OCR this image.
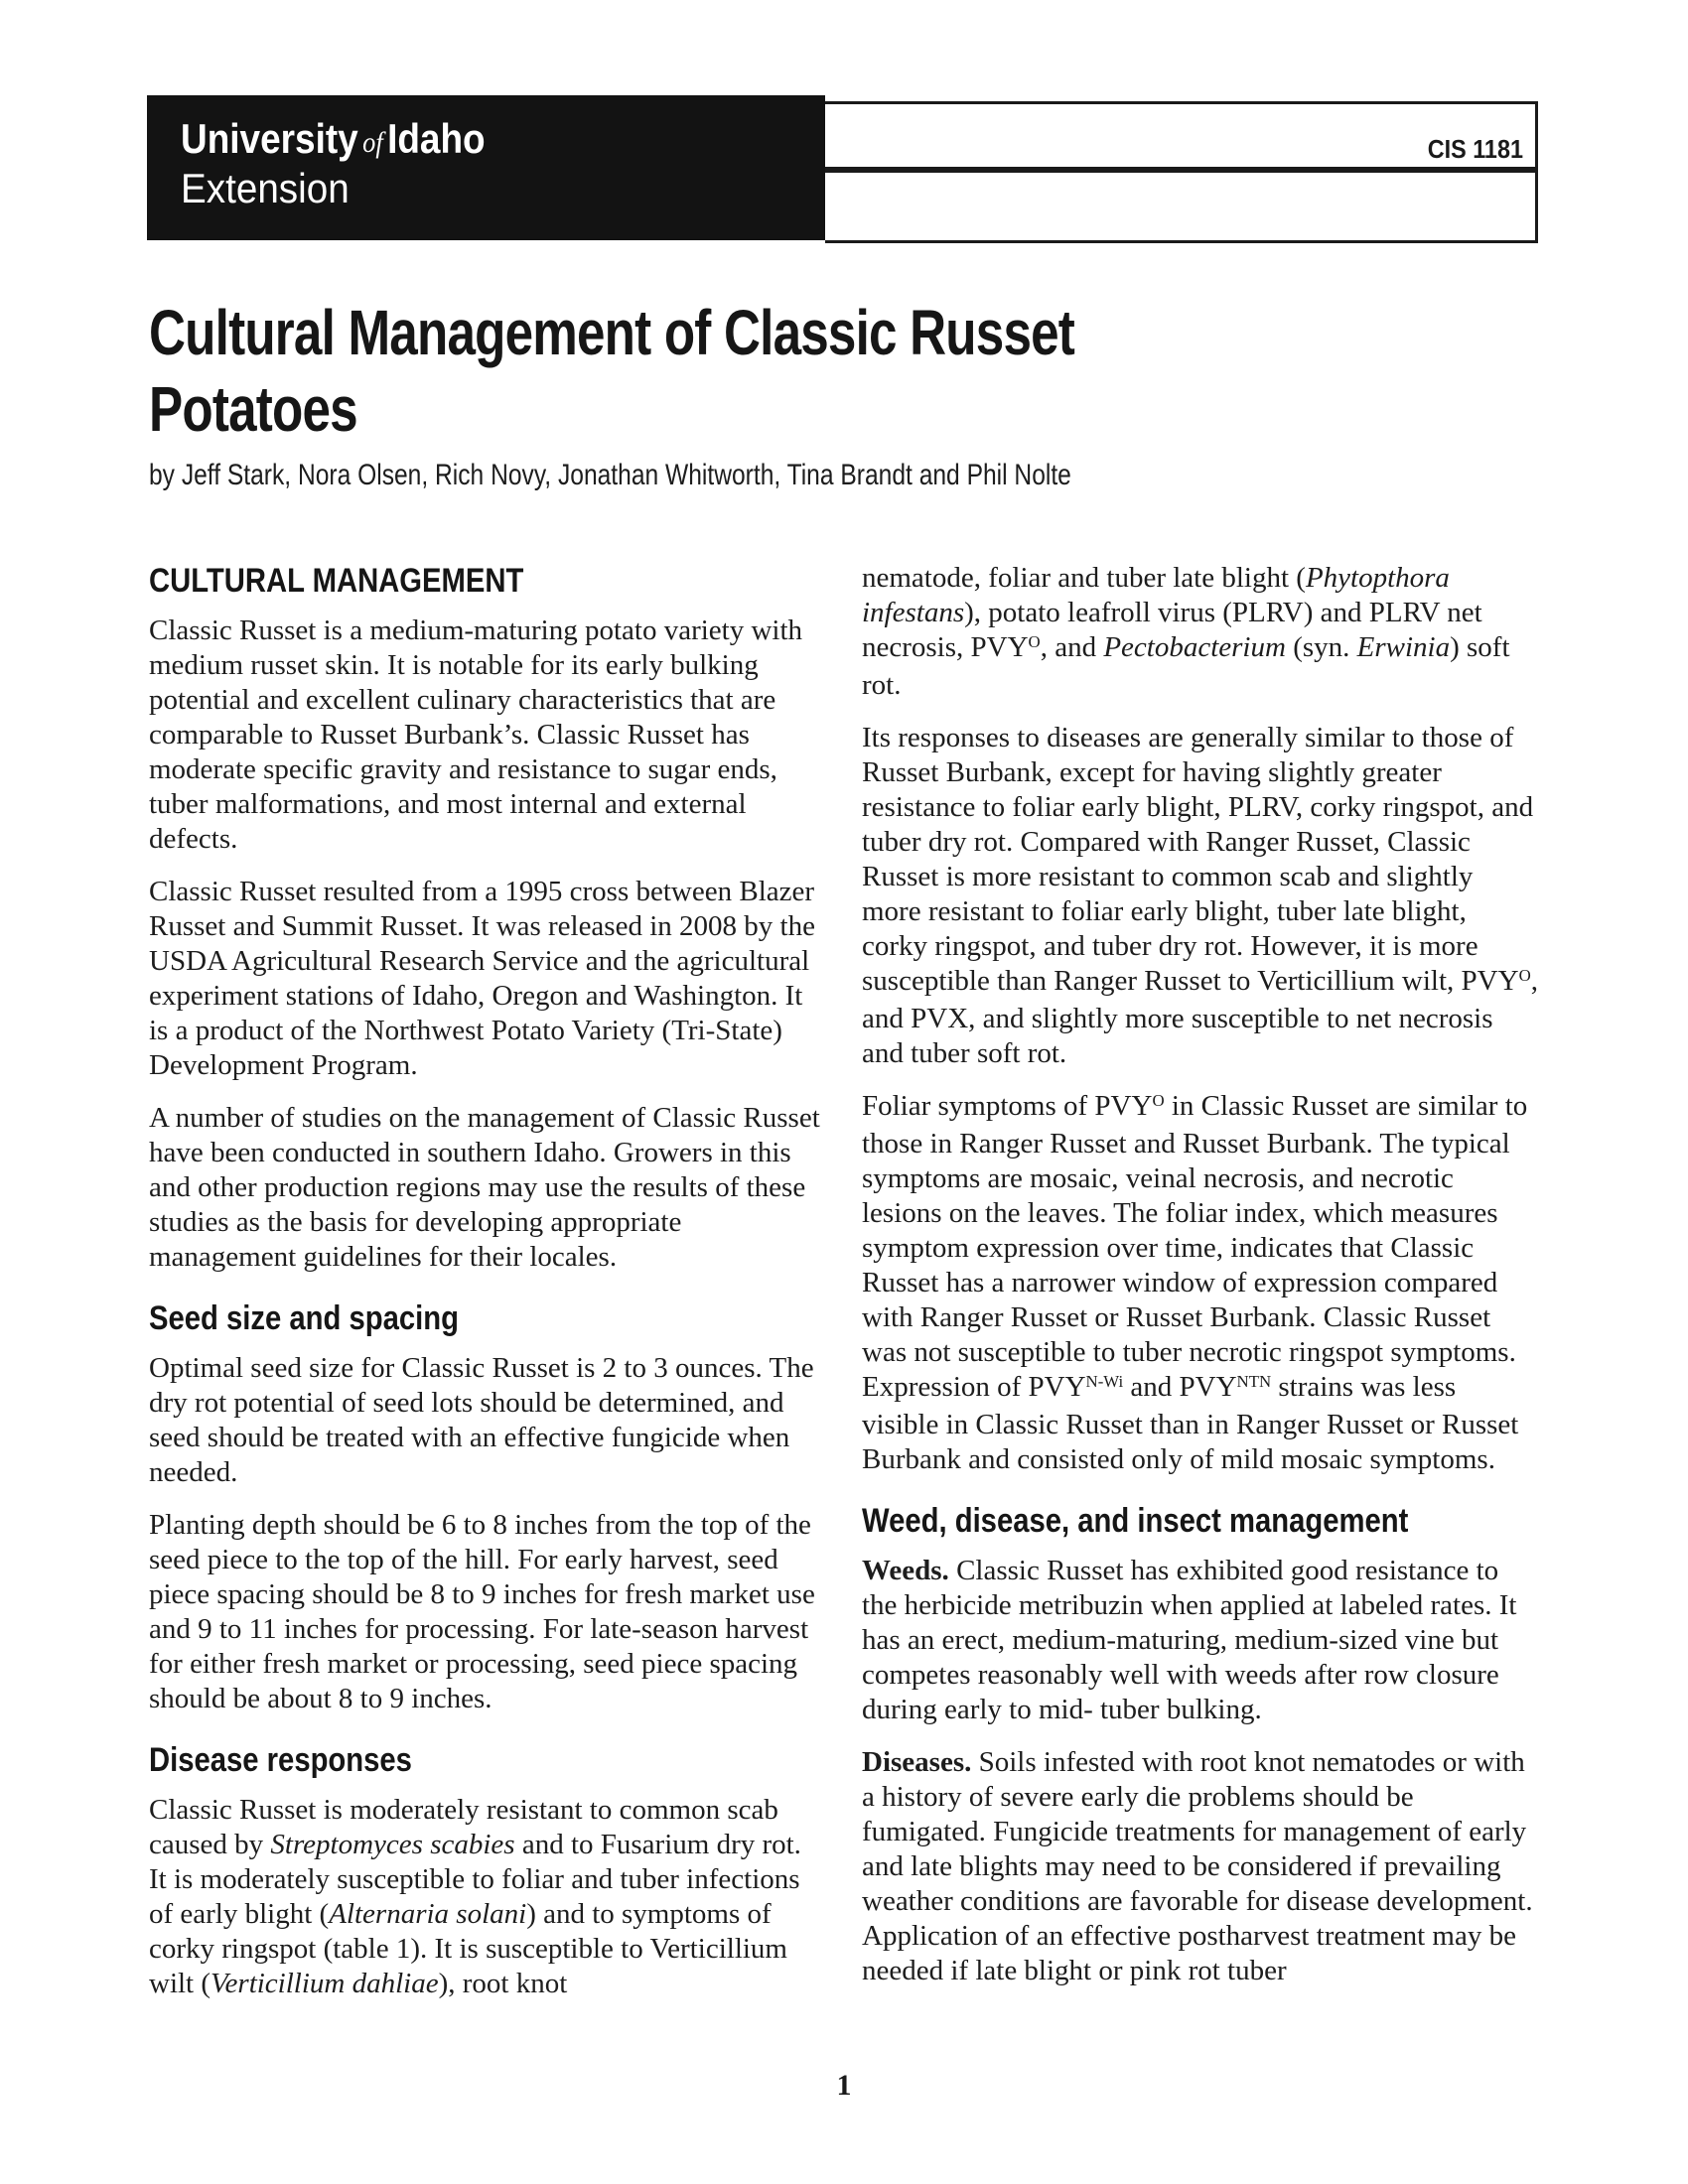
University of Idaho
Extension
CIS 1181
Cultural Management of Classic Russet
Potatoes
by Jeff Stark, Nora Olsen, Rich Novy, Jonathan Whitworth, Tina Brandt and Phil Nolte
CULTURAL MANAGEMENT

Classic Russet is a medium-maturing potato variety with medium russet skin. It is notable for its early bulking potential and excellent culinary characteristics that are comparable to Russet Burbank’s. Classic Russet has moderate specific gravity and resistance to sugar ends, tuber malformations, and most internal and external defects.

Classic Russet resulted from a 1995 cross between Blazer Russet and Summit Russet. It was released in 2008 by the USDA Agricultural Research Service and the agricultural experiment stations of Idaho, Oregon and Washington. It is a product of the Northwest Potato Variety (Tri-State) Development Program.

A number of studies on the management of Classic Russet have been conducted in southern Idaho. Growers in this and other production regions may use the results of these studies as the basis for developing appropriate management guidelines for their locales.

Seed size and spacing

Optimal seed size for Classic Russet is 2 to 3 ounces. The dry rot potential of seed lots should be determined, and seed should be treated with an effective fungicide when needed.

Planting depth should be 6 to 8 inches from the top of the seed piece to the top of the hill. For early harvest, seed piece spacing should be 8 to 9 inches for fresh market use and 9 to 11 inches for processing. For late-season harvest for either fresh market or processing, seed piece spacing should be about 8 to 9 inches.

Disease responses

Classic Russet is moderately resistant to common scab caused by Streptomyces scabies and to Fusarium dry rot. It is moderately susceptible to foliar and tuber infections of early blight (Alternaria solani) and to symptoms of corky ringspot (table 1). It is susceptible to Verticillium wilt (Verticillium dahliae), root knot

nematode, foliar and tuber late blight (Phytopthora infestans), potato leafroll virus (PLRV) and PLRV net necrosis, $PVY^O$, and Pectobacterium (syn. Erwinia) soft rot.

Its responses to diseases are generally similar to those of Russet Burbank, except for having slightly greater resistance to foliar early blight, PLRV, corky ringspot, and tuber dry rot. Compared with Ranger Russet, Classic Russet is more resistant to common scab and slightly more resistant to foliar early blight, tuber late blight, corky ringspot, and tuber dry rot. However, it is more susceptible than Ranger Russet to Verticillium wilt, $PVY^O$, and PVX, and slightly more susceptible to net necrosis and tuber soft rot.

Foliar symptoms of $PVY^O$ in Classic Russet are similar to those in Ranger Russet and Russet Burbank. The typical symptoms are mosaic, veinal necrosis, and necrotic lesions on the leaves. The foliar index, which measures symptom expression over time, indicates that Classic Russet has a narrower window of expression compared with Ranger Russet or Russet Burbank. Classic Russet was not susceptible to tuber necrotic ringspot symptoms. Expression of $PVY^{N-Wi}$ and $PVY^{NTN}$ strains was less visible in Classic Russet than in Ranger Russet or Russet Burbank and consisted only of mild mosaic symptoms.

Weed, disease, and insect management

Weeds. Classic Russet has exhibited good resistance to the herbicide metribuzin when applied at labeled rates. It has an erect, medium-maturing, medium-sized vine but competes reasonably well with weeds after row closure during early to mid- tuber bulking.

Diseases. Soils infested with root knot nematodes or with a history of severe early die problems should be fumigated. Fungicide treatments for management of early and late blights may need to be considered if prevailing weather conditions are favorable for disease development. Application of an effective postharvest treatment may be needed if late blight or pink rot tuber

1
